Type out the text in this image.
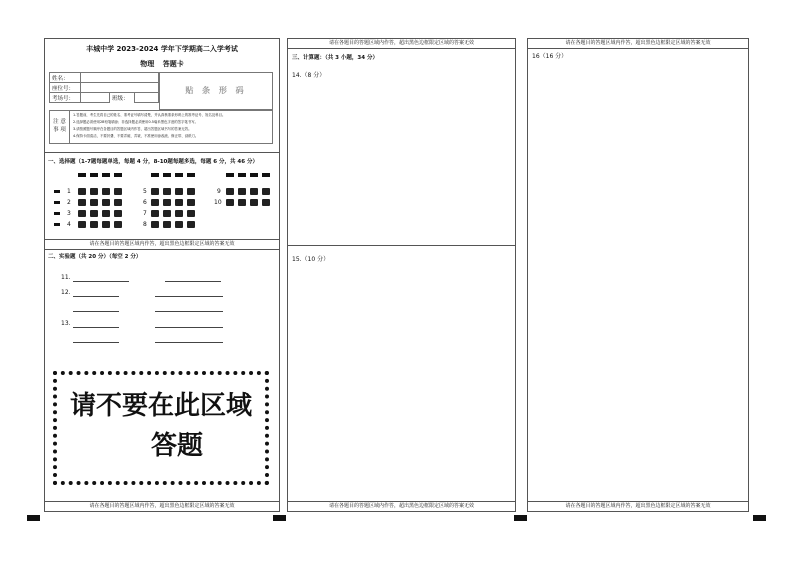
丰城中学 2023-2024 学年下学期高二入学考试
物理 答题卡
姓名：			
座位号：			
考场号：		班级：	
贴 条 形 码
注 意 事 项
1.答题前，考生先将自己的姓名、准考证号填写清楚，并认真核准条形码上的准考证号、姓名及科目。
2.选择题必须使用2B铅笔填涂；非选择题必须使用0.5毫米黑色字迹的签字笔书写。
3.请按照题号顺序在各题目的答题区域内作答，超出答题区域书写的答案无效。
4.保持卡面清洁，不要折叠、不要弄破、弄皱，不准使用涂改液、修正带、刮纸刀。
一、选择题（1-7题每题单选，每题 4 分，8-10题每题多选，每题 6 分，共 46 分）
1
2
3
4
5
6
7
8
9
10
请在各题目的答题区域内作答，超出黑色边框限定区域的答案无效
二、实验题（共 20 分）（每空 2 分）
11.
12.
13.
请不要在此区域
答题
请在各题目的答题区域内作答，超出黑色边框限定区域的答案无效
请在各题目的答题区域内作答，超出黑色边框限定区域的答案无效
三、计算题：（共 3 小题，34 分）
14.（8 分）
15.（10 分）
请在各题目的答题区域内作答，超出黑色边框限定区域的答案无效
请在各题目的答题区域内作答，超出黑色边框限定区域的答案无效
16（16 分）
请在各题目的答题区域内作答，超出黑色边框限定区域的答案无效
